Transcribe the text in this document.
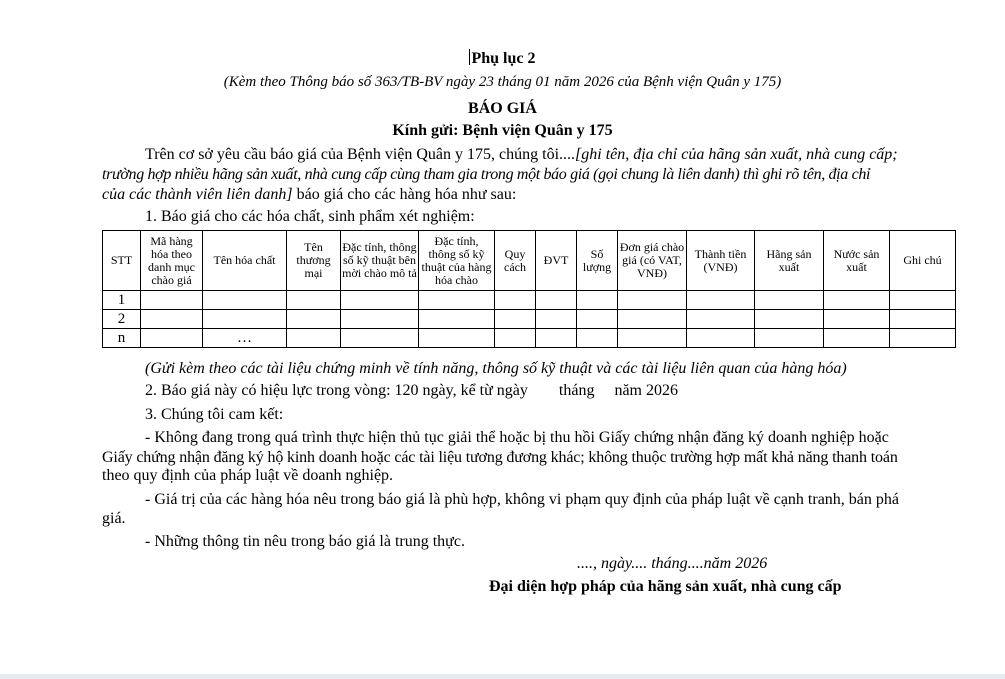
Phụ lục 2
(Kèm theo Thông báo số 363/TB-BV ngày 23 tháng 01 năm 2026 của Bệnh viện Quân y 175)
BÁO GIÁ
Kính gửi: Bệnh viện Quân y 175
Trên cơ sở yêu cầu báo giá của Bệnh viện Quân y 175, chúng tôi....[ghi tên, địa chỉ của hãng sản xuất, nhà cung cấp;
trường hợp nhiều hãng sản xuất, nhà cung cấp cùng tham gia trong một báo giá (gọi chung là liên danh) thì ghi rõ tên, địa chỉ
của các thành viên liên danh] báo giá cho các hàng hóa như sau:
1. Báo giá cho các hóa chất, sinh phẩm xét nghiệm:
STT	Mã hàng hóa theo danh mục chào giá	Tên hóa chất	Tên thương mại	Đặc tính, thông số kỹ thuật bên mời chào mô tả	Đặc tính, thông số kỹ thuật của hàng hóa chào	Quy cách	ĐVT	Số lượng	Đơn giá chào giá (có VAT, VNĐ)	Thành tiền (VNĐ)	Hãng sản xuất	Nước sản xuất	Ghi chú
1													
2													
n		…											
(Gửi kèm theo các tài liệu chứng minh về tính năng, thông số kỹ thuật và các tài liệu liên quan của hàng hóa)
2. Báo giá này có hiệu lực trong vòng: 120 ngày, kể từ ngày tháng năm 2026
3. Chúng tôi cam kết:
- Không đang trong quá trình thực hiện thủ tục giải thể hoặc bị thu hồi Giấy chứng nhận đăng ký doanh nghiệp hoặc
Giấy chứng nhận đăng ký hộ kinh doanh hoặc các tài liệu tương đương khác; không thuộc trường hợp mất khả năng thanh toán
theo quy định của pháp luật về doanh nghiệp.
- Giá trị của các hàng hóa nêu trong báo giá là phù hợp, không vi phạm quy định của pháp luật về cạnh tranh, bán phá
giá.
- Những thông tin nêu trong báo giá là trung thực.
...., ngày.... tháng....năm 2026
Đại diện hợp pháp của hãng sản xuất, nhà cung cấp
